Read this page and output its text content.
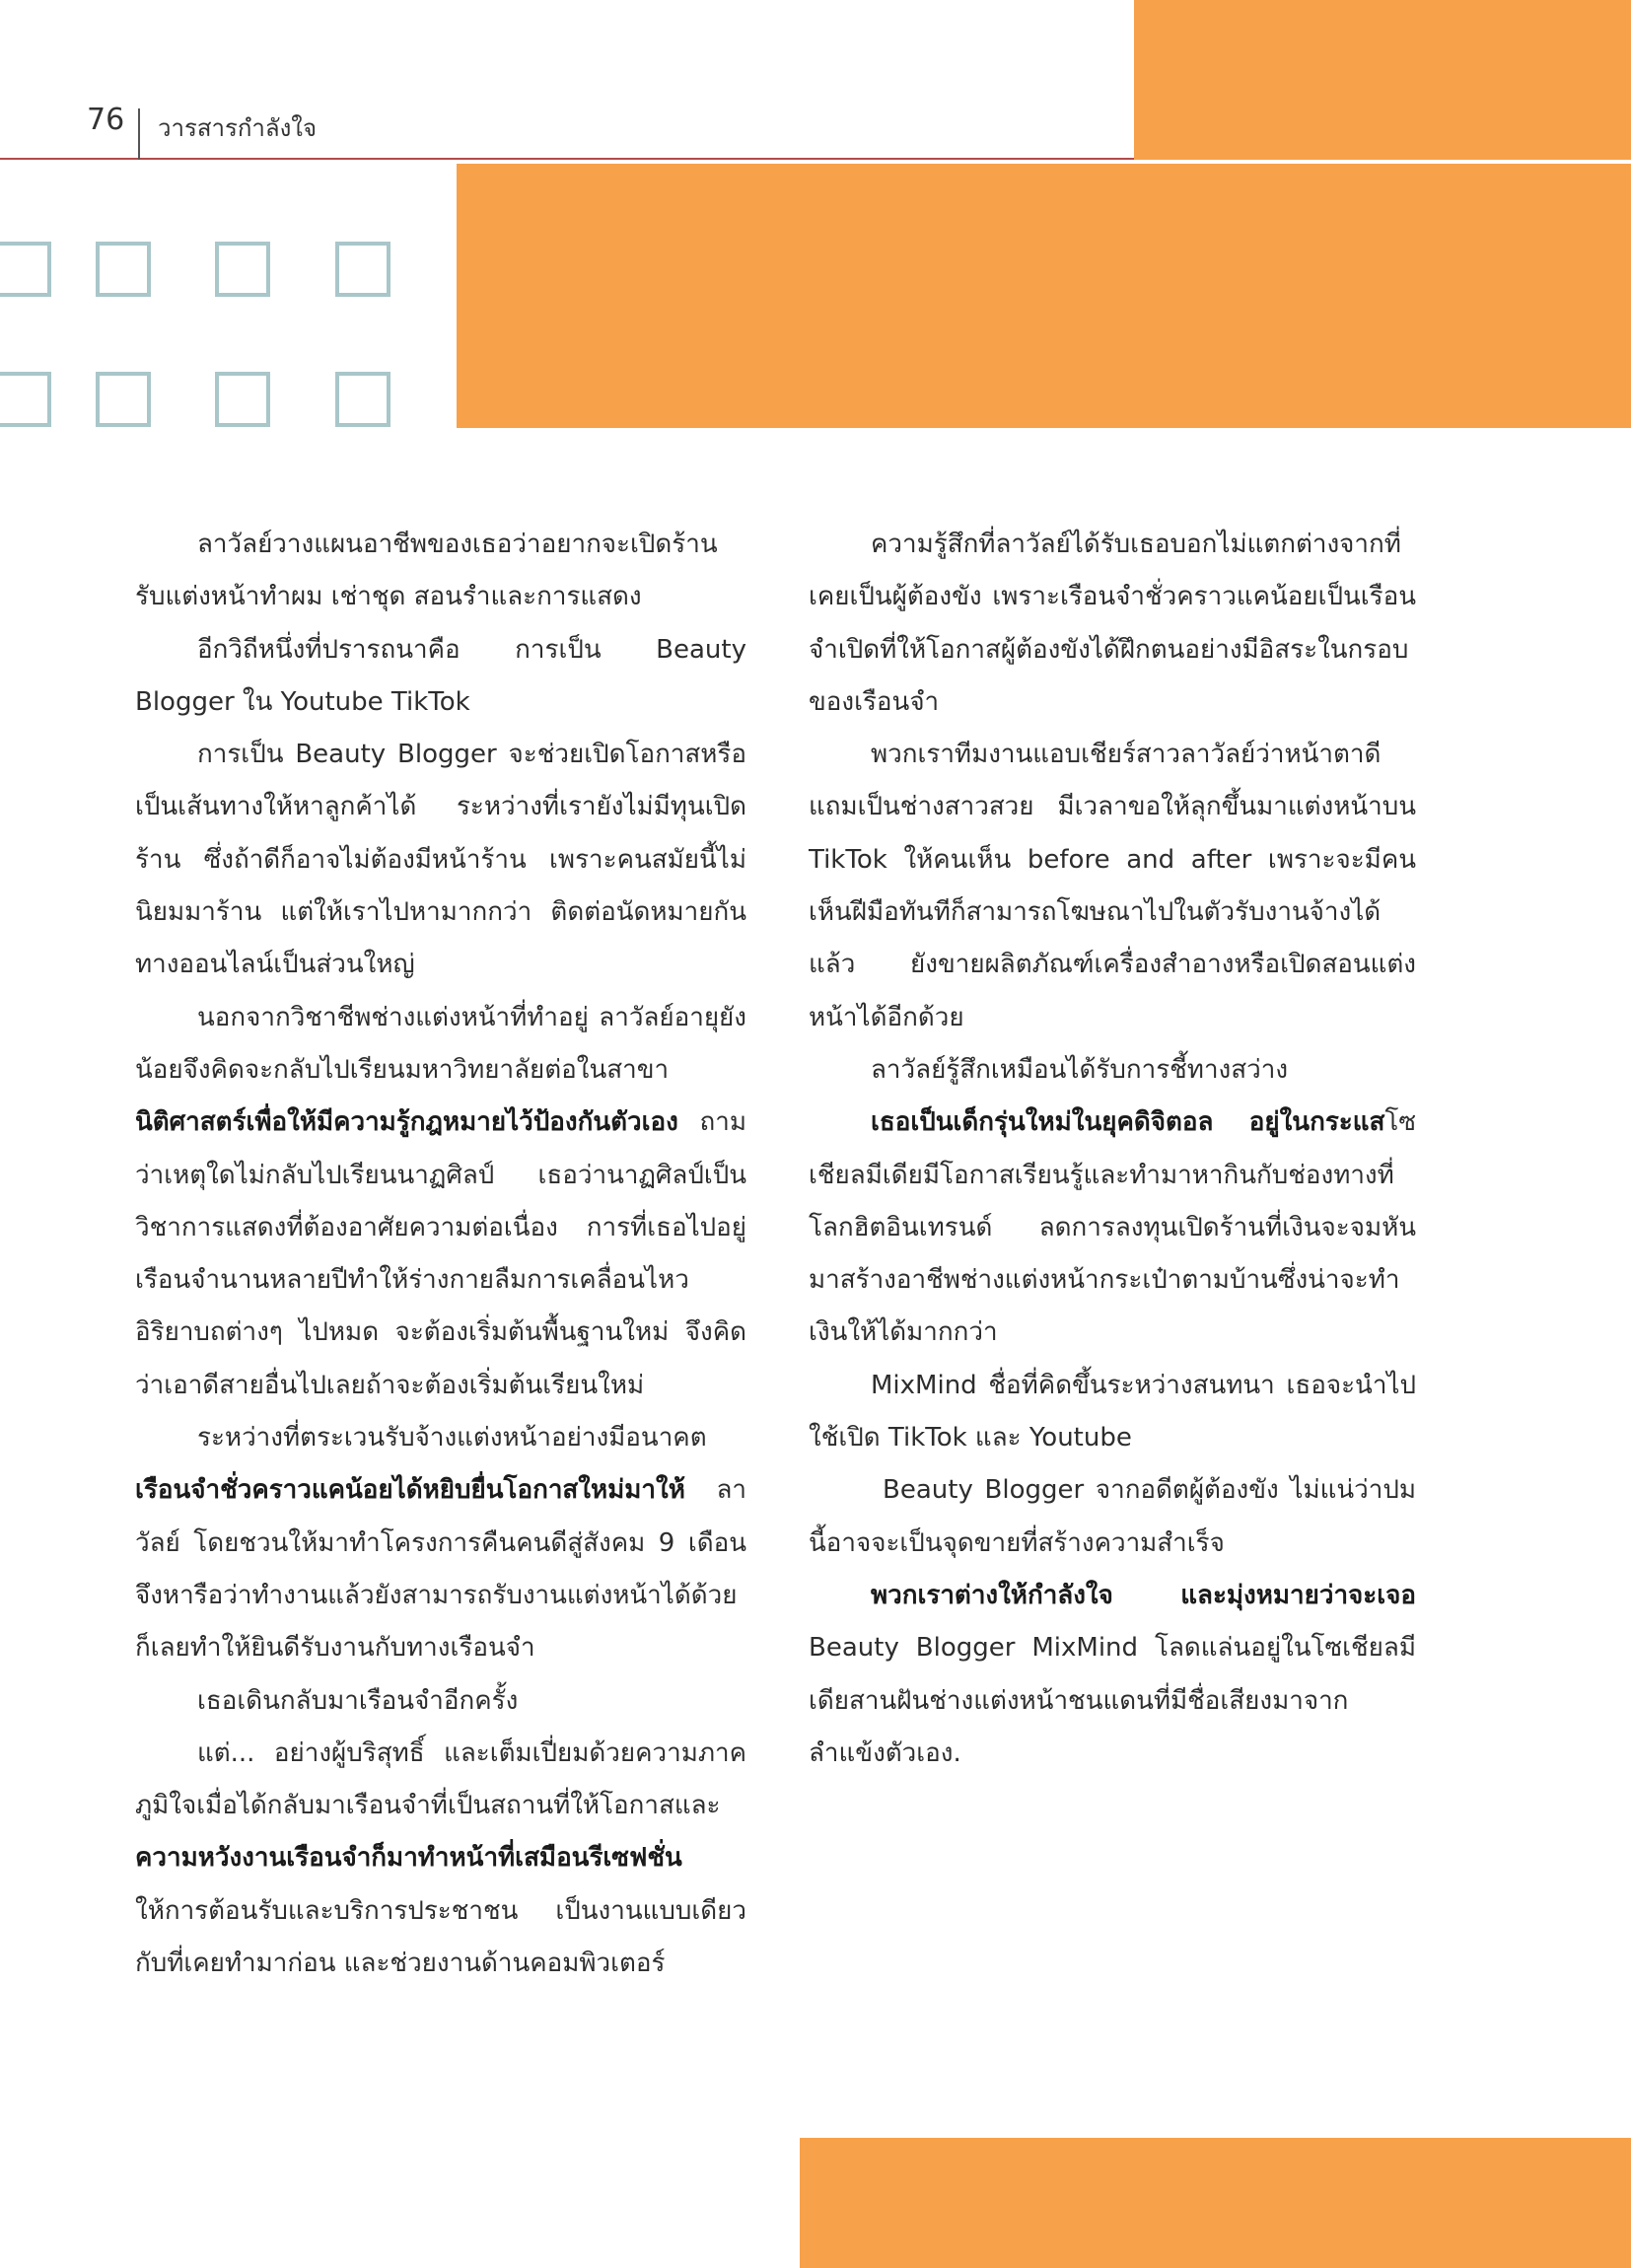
76 วารสารกำลังใจ

ลาวัลย์วางแผนอาชีพของเธอว่าอยากจะเปิดร้านรับแต่งหน้าทำผม เช่าชุด สอนรำและการแสดง

อีกวิถีหนึ่งที่ปรารถนาคือ การเป็น Beauty Blogger ใน Youtube TikTok

การเป็น Beauty Blogger จะช่วยเปิดโอกาสหรือเป็นเส้นทางให้หาลูกค้าได้ ระหว่างที่เรายังไม่มีทุนเปิดร้าน ซึ่งถ้าดีก็อาจไม่ต้องมีหน้าร้าน เพราะคนสมัยนี้ไม่นิยมมาร้าน แต่ให้เราไปหามากกว่า ติดต่อนัดหมายกันทางออนไลน์เป็นส่วนใหญ่

นอกจากวิชาชีพช่างแต่งหน้าที่ทำอยู่ ลาวัลย์อายุยังน้อยจึงคิดจะกลับไปเรียนมหาวิทยาลัยต่อในสาขานิติศาสตร์เพื่อให้มีความรู้กฎหมายไว้ป้องกันตัวเอง ถามว่าเหตุใดไม่กลับไปเรียนนาฏศิลป์ เธอว่านาฏศิลป์เป็นวิชาการแสดงที่ต้องอาศัยความต่อเนื่อง การที่เธอไปอยู่เรือนจำนานหลายปีทำให้ร่างกายลืมการเคลื่อนไหวอิริยาบถต่างๆ ไปหมด จะต้องเริ่มต้นพื้นฐานใหม่ จึงคิดว่าเอาดีสายอื่นไปเลยถ้าจะต้องเริ่มต้นเรียนใหม่

ระหว่างที่ตระเวนรับจ้างแต่งหน้าอย่างมีอนาคต เรือนจำชั่วคราวแคน้อยได้หยิบยื่นโอกาสใหม่มาให้ ลาวัลย์ โดยชวนให้มาทำโครงการคืนคนดีสู่สังคม 9 เดือน จึงหารือว่าทำงานแล้วยังสามารถรับงานแต่งหน้าได้ด้วยก็เลยทำให้ยินดีรับงานกับทางเรือนจำ

เธอเดินกลับมาเรือนจำอีกครั้ง

แต่... อย่างผู้บริสุทธิ์ และเต็มเปี่ยมด้วยความภาคภูมิใจเมื่อได้กลับมาเรือนจำที่เป็นสถานที่ให้โอกาสและความหวังงานเรือนจำก็มาทำหน้าที่เสมือนรีเซฟชั่น ให้การต้อนรับและบริการประชาชน เป็นงานแบบเดียวกับที่เคยทำมาก่อน และช่วยงานด้านคอมพิวเตอร์

ความรู้สึกที่ลาวัลย์ได้รับเธอบอกไม่แตกต่างจากที่เคยเป็นผู้ต้องขัง เพราะเรือนจำชั่วคราวแคน้อยเป็นเรือนจำเปิดที่ให้โอกาสผู้ต้องขังได้ฝึกตนอย่างมีอิสระในกรอบของเรือนจำ

พวกเราทีมงานแอบเชียร์สาวลาวัลย์ว่าหน้าตาดี แถมเป็นช่างสาวสวย มีเวลาขอให้ลุกขึ้นมาแต่งหน้าบน TikTok ให้คนเห็น before and after เพราะจะมีคนเห็นฝีมือทันทีก็สามารถโฆษณาไปในตัวรับงานจ้างได้แล้ว ยังขายผลิตภัณฑ์เครื่องสำอางหรือเปิดสอนแต่งหน้าได้อีกด้วย

ลาวัลย์รู้สึกเหมือนได้รับการชี้ทางสว่าง

เธอเป็นเด็กรุ่นใหม่ในยุคดิจิตอล อยู่ในกระแสโซเชียลมีเดียมีโอกาสเรียนรู้และทำมาหากินกับช่องทางที่โลกฮิตอินเทรนด์ ลดการลงทุนเปิดร้านที่เงินจะจมหันมาสร้างอาชีพช่างแต่งหน้ากระเป๋าตามบ้านซึ่งน่าจะทำเงินให้ได้มากกว่า

MixMind ชื่อที่คิดขึ้นระหว่างสนทนา เธอจะนำไปใช้เปิด TikTok และ Youtube

Beauty Blogger จากอดีตผู้ต้องขัง ไม่แน่ว่าปมนี้อาจจะเป็นจุดขายที่สร้างความสำเร็จ

พวกเราต่างให้กำลังใจ และมุ่งหมายว่าจะเจอ Beauty Blogger MixMind โลดแล่นอยู่ในโซเชียลมีเดียสานฝันช่างแต่งหน้าชนแดนที่มีชื่อเสียงมาจากลำแข้งตัวเอง.
